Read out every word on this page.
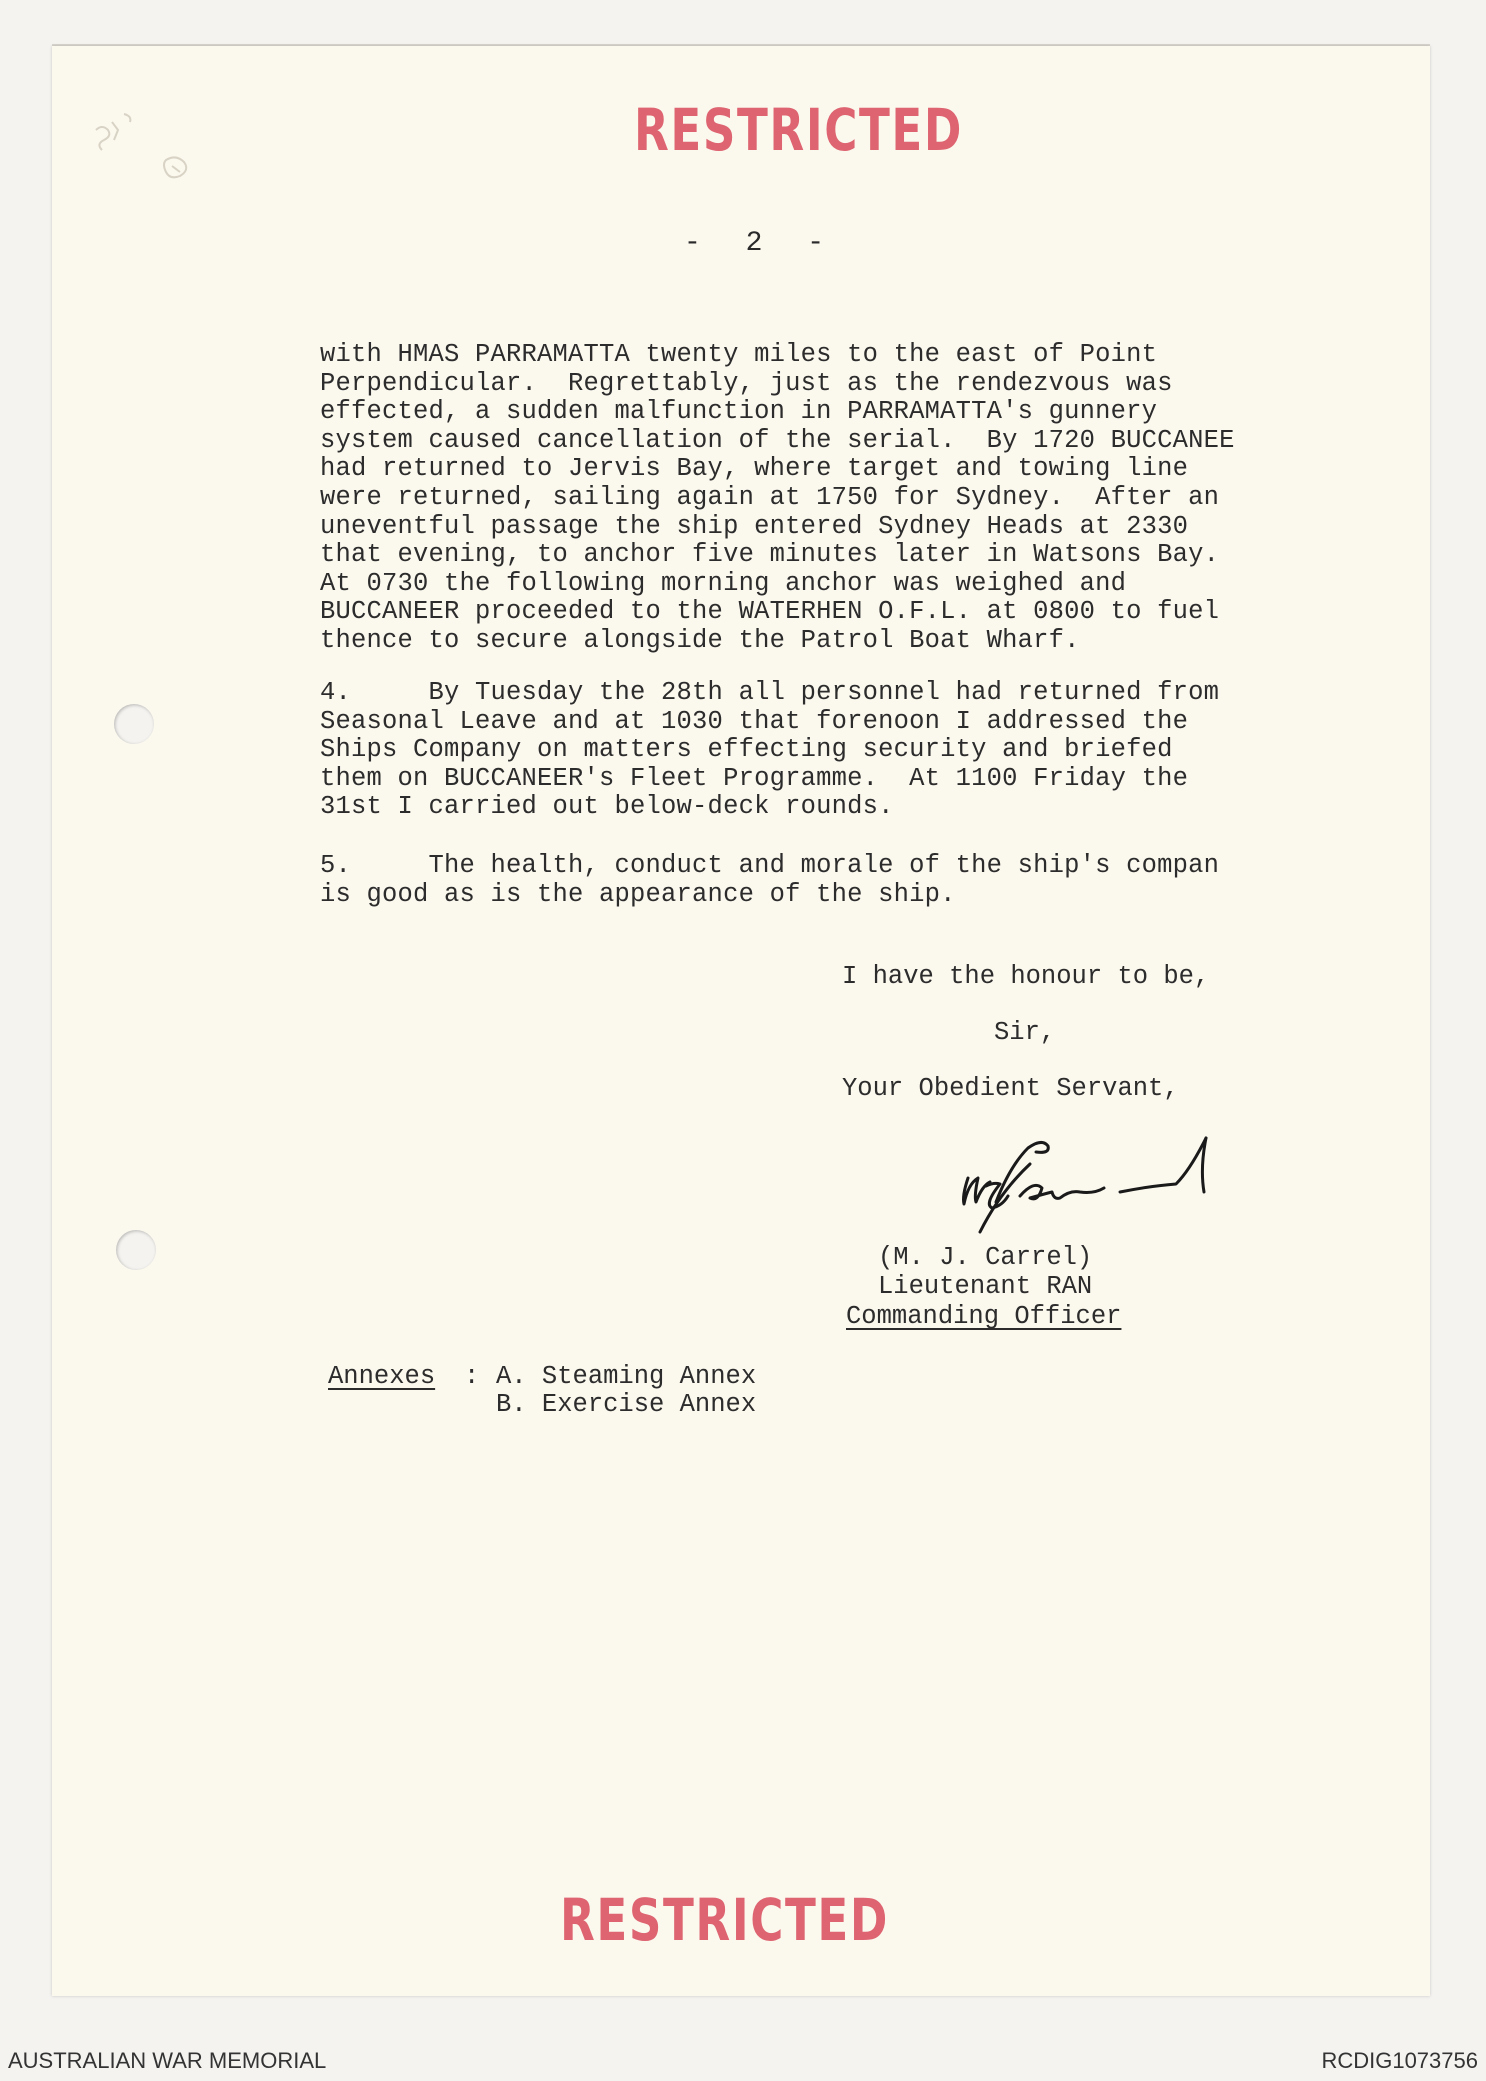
RESTRICTED
- 2 -
with HMAS PARRAMATTA twenty miles to the east of Point
Perpendicular.  Regrettably, just as the rendezvous was
effected, a sudden malfunction in PARRAMATTA's gunnery
system caused cancellation of the serial.  By 1720 BUCCANEE
had returned to Jervis Bay, where target and towing line
were returned, sailing again at 1750 for Sydney.  After an
uneventful passage the ship entered Sydney Heads at 2330
that evening, to anchor five minutes later in Watsons Bay.
At 0730 the following morning anchor was weighed and
BUCCANEER proceeded to the WATERHEN O.F.L. at 0800 to fuel
thence to secure alongside the Patrol Boat Wharf.
4.     By Tuesday the 28th all personnel had returned from
Seasonal Leave and at 1030 that forenoon I addressed the
Ships Company on matters effecting security and briefed
them on BUCCANEER's Fleet Programme.  At 1100 Friday the
31st I carried out below-deck rounds.
5.     The health, conduct and morale of the ship's compan
is good as is the appearance of the ship.
I have the honour to be,
Sir,
Your Obedient Servant,
(M. J. Carrel)
Lieutenant RAN
Commanding Officer
Annexes : A. Steaming Annex
B. Exercise Annex
RESTRICTED
AUSTRALIAN WAR MEMORIAL	RCDIG1073756
